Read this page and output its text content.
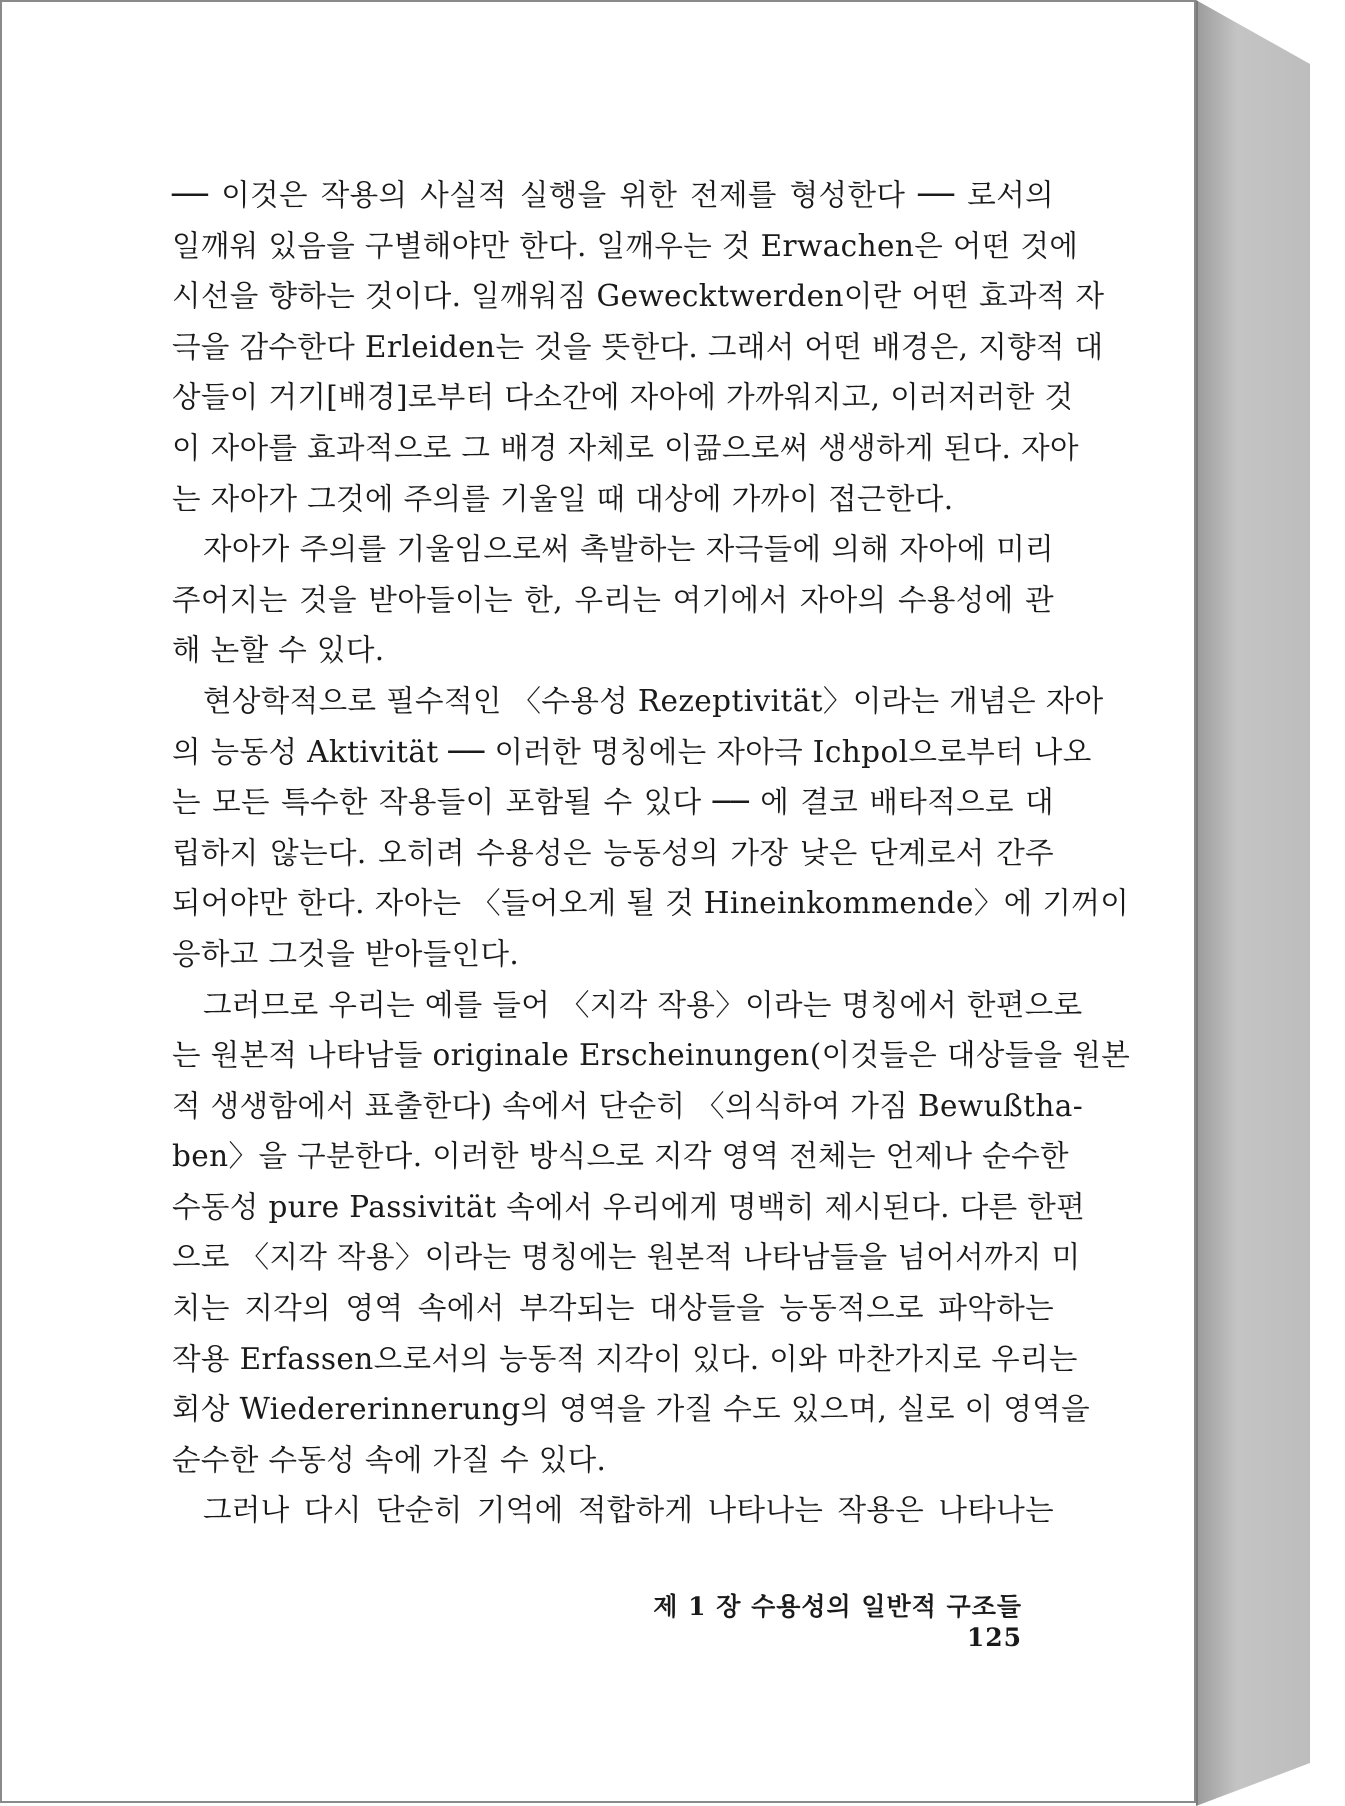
── 이것은 작용의 사실적 실행을 위한 전제를 형성한다 ── 로서의
일깨워 있음을 구별해야만 한다. 일깨우는 것 Erwachen은 어떤 것에
시선을 향하는 것이다. 일깨워짐 Gewecktwerden이란 어떤 효과적 자
극을 감수한다 Erleiden는 것을 뜻한다. 그래서 어떤 배경은, 지향적 대
상들이 거기[배경]로부터 다소간에 자아에 가까워지고, 이러저러한 것
이 자아를 효과적으로 그 배경 자체로 이끎으로써 생생하게 된다. 자아
는 자아가 그것에 주의를 기울일 때 대상에 가까이 접근한다.
자아가 주의를 기울임으로써 촉발하는 자극들에 의해 자아에 미리
주어지는 것을 받아들이는 한, 우리는 여기에서 자아의 수용성에 관
해 논할 수 있다.
현상학적으로 필수적인 〈수용성 Rezeptivität〉이라는 개념은 자아
의 능동성 Aktivität ── 이러한 명칭에는 자아극 Ichpol으로부터 나오
는 모든 특수한 작용들이 포함될 수 있다 ── 에 결코 배타적으로 대
립하지 않는다. 오히려 수용성은 능동성의 가장 낮은 단계로서 간주
되어야만 한다. 자아는 〈들어오게 될 것 Hineinkommende〉에 기꺼이
응하고 그것을 받아들인다.
그러므로 우리는 예를 들어 〈지각 작용〉이라는 명칭에서 한편으로
는 원본적 나타남들 originale Erscheinungen(이것들은 대상들을 원본
적 생생함에서 표출한다) 속에서 단순히 〈의식하여 가짐 Bewußtha-
ben〉을 구분한다. 이러한 방식으로 지각 영역 전체는 언제나 순수한
수동성 pure Passivität 속에서 우리에게 명백히 제시된다. 다른 한편
으로 〈지각 작용〉이라는 명칭에는 원본적 나타남들을 넘어서까지 미
치는 지각의 영역 속에서 부각되는 대상들을 능동적으로 파악하는
작용 Erfassen으로서의 능동적 지각이 있다. 이와 마찬가지로 우리는
회상 Wiedererinnerung의 영역을 가질 수도 있으며, 실로 이 영역을
순수한 수동성 속에 가질 수 있다.
그러나 다시 단순히 기억에 적합하게 나타나는 작용은 나타나는
제 1 장 수용성의 일반적 구조들125
